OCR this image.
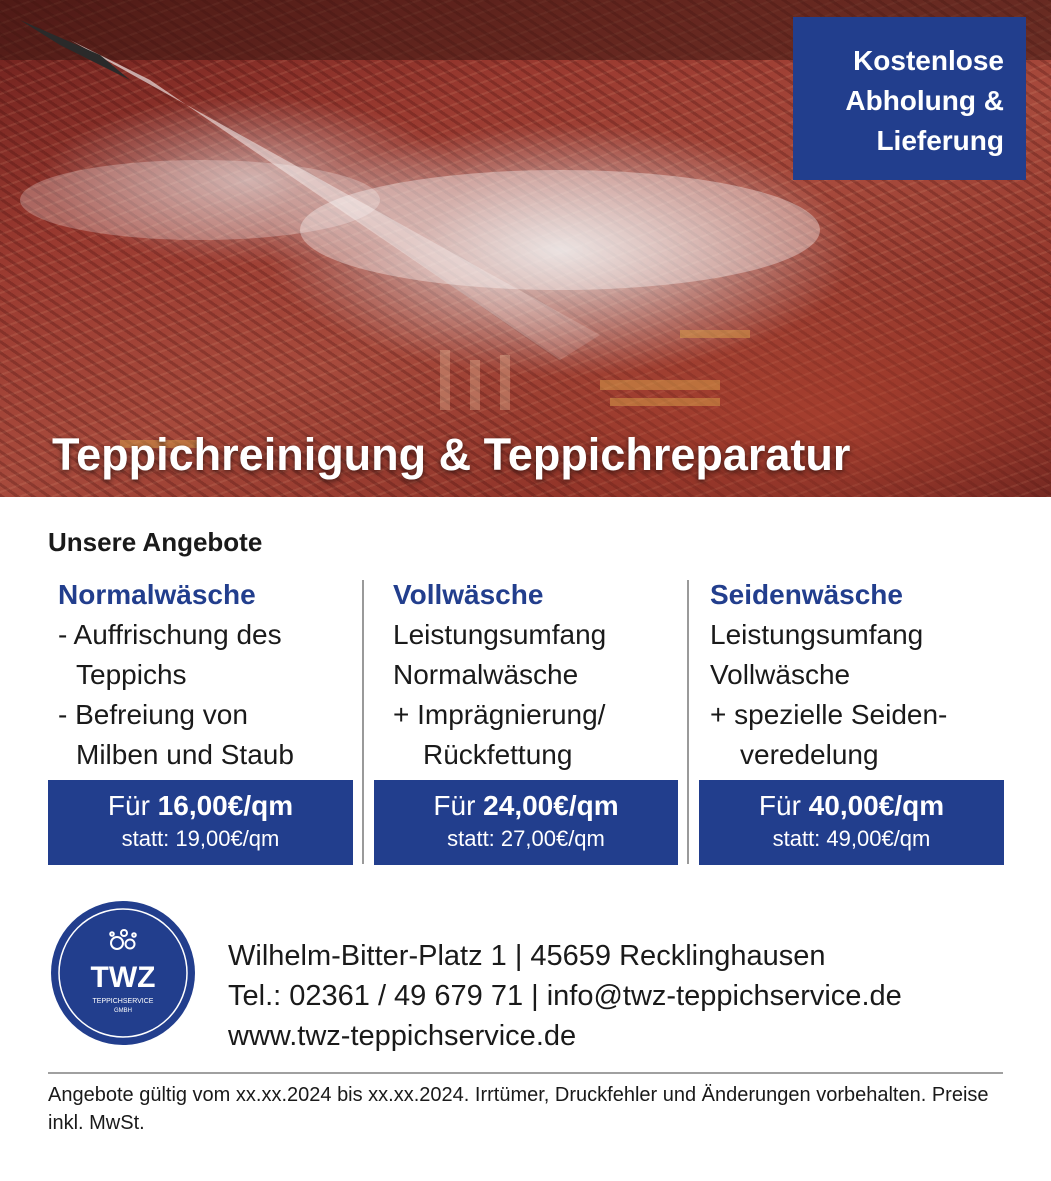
Kostenlose
Abholung &
Lieferung
Teppichreinigung & Teppichreparatur
Unsere Angebote
Normalwäsche
- Auffrischung des
Teppichs
- Befreiung von
Milben und Staub
Vollwäsche
Leistungsumfang
Normalwäsche
+ Imprägnierung/
Rückfettung
Seidenwäsche
Leistungsumfang
Vollwäsche
+ spezielle Seiden-
veredelung
Für 16,00€/qm
statt: 19,00€/qm
Für 24,00€/qm
statt: 27,00€/qm
Für 40,00€/qm
statt: 49,00€/qm
TWZ
TEPPICHSERVICE
GMBH
Wilhelm-Bitter-Platz 1 | 45659 Recklinghausen
Tel.: 02361 / 49 679 71 | info@twz-teppichservice.de
www.twz-teppichservice.de
Angebote gültig vom xx.xx.2024 bis xx.xx.2024. Irrtümer, Druckfehler und Änderungen vorbehalten. Preise inkl. MwSt.
